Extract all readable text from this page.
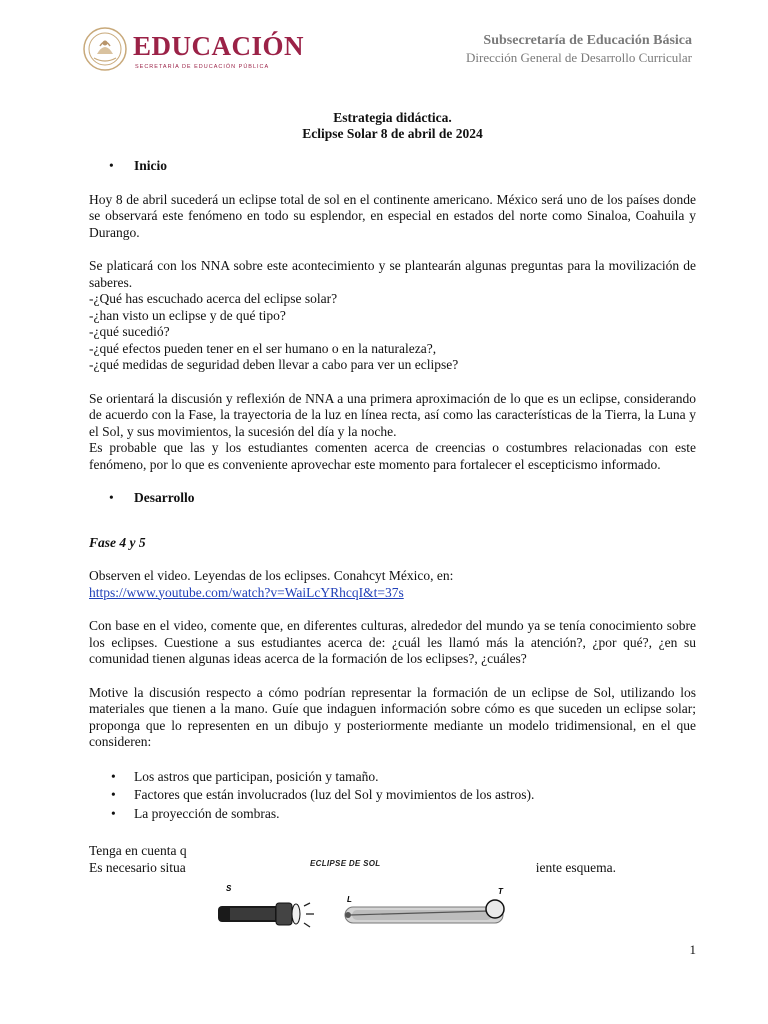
EDUCACIÓN
SECRETARÍA DE EDUCACIÓN PÚBLICA
Subsecretaría de Educación Básica
Dirección General de Desarrollo Curricular
Estrategia didáctica.
Eclipse Solar 8 de abril de 2024
• Inicio

Hoy 8 de abril sucederá un eclipse total de sol en el continente americano. México será uno de los países donde se observará este fenómeno en todo su esplendor, en especial en estados del norte como Sinaloa, Coahuila y Durango.

Se platicará con los NNA sobre este acontecimiento y se plantearán algunas preguntas para la movilización de saberes.

-¿Qué has escuchado acerca del eclipse solar?
-¿han visto un eclipse y de qué tipo?
-¿qué sucedió?
-¿qué efectos pueden tener en el ser humano o en la naturaleza?,
-¿qué medidas de seguridad deben llevar a cabo para ver un eclipse?

Se orientará la discusión y reflexión de NNA a una primera aproximación de lo que es un eclipse, considerando de acuerdo con la Fase, la trayectoria de la luz en línea recta, así como las características de la Tierra, la Luna y el Sol, y sus movimientos, la sucesión del día y la noche.

Es probable que las y los estudiantes comenten acerca de creencias o costumbres relacionadas con este fenómeno, por lo que es conveniente aprovechar este momento para fortalecer el escepticismo informado.

• Desarrollo
Fase 4 y 5

Observen el video. Leyendas de los eclipses. Conahcyt México, en:

https://www.youtube.com/watch?v=WaiLcYRhcqI&t=37s

Con base en el video, comente que, en diferentes culturas, alrededor del mundo ya se tenía conocimiento sobre los eclipses. Cuestione a sus estudiantes acerca de: ¿cuál les llamó más la atención?, ¿por qué?, ¿en su comunidad tienen algunas ideas acerca de la formación de los eclipses?, ¿cuáles?

Motive la discusión respecto a cómo podrían representar la formación de un eclipse de Sol, utilizando los materiales que tienen a la mano. Guíe que indaguen información sobre cómo es que suceden un eclipse solar; proponga que lo representen en un dibujo y posteriormente mediante un modelo tridimensional, en el que consideren:

• Los astros que participan, posición y tamaño.
• Factores que están involucrados (luz del Sol y movimientos de los astros).
• La proyección de sombras.
Tenga en cuenta q
Es necesario situa	iente esquema.
ECLIPSE DE SOL
S
L
T
1
